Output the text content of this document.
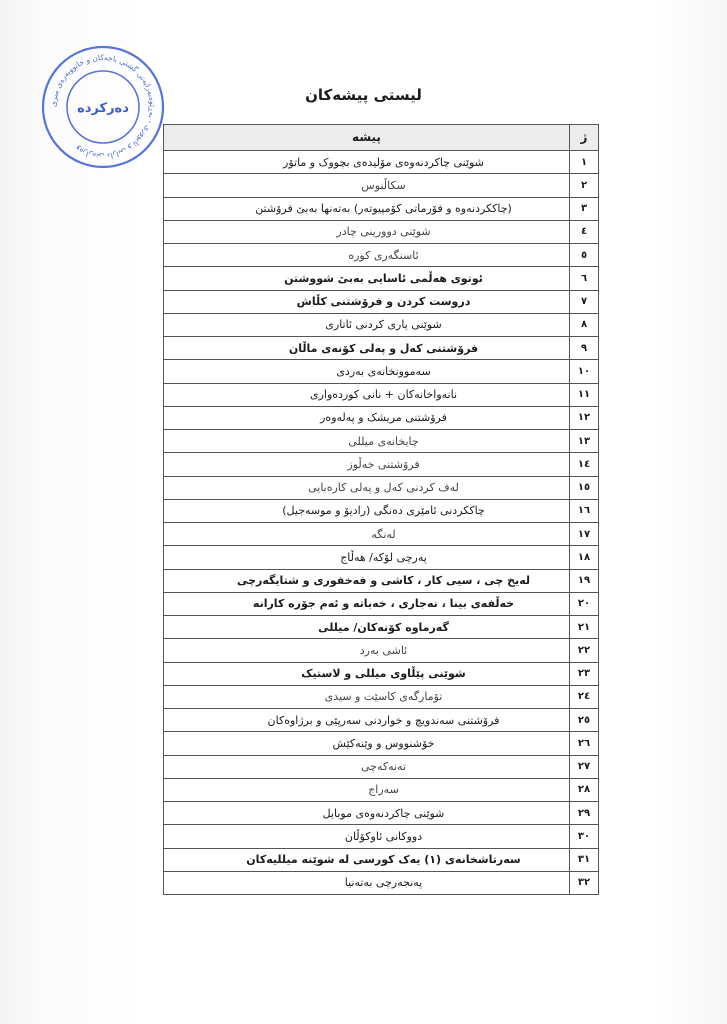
وەزارەتی دارایی و ئابووری - بەڕێوەبەرایەتی گشتی باجەکان و خانووبەرەی میری
دەرکردە
لیستی پیشەکان
ژ	پیشە
١	شوێنی چاکردنەوەی مۆلیدەی بچووک و ماتۆر
٢	سکاڵنوس
٣	(چاککردنەوە و فۆرماتی کۆمپیوتەر) بەتەنها بەبێ فرۆشتن
٤	شوێنی دوورینی چادر
٥	ئاسنگەری کورە
٦	ئوتوی هەڵمی ئاسایی بەبێ شووشتن
٧	دروست کردن و فرۆشتنی کڵاش
٨	شوێنی یاری کردنی ئاتاری
٩	فرۆشتنی کەل و پەلی کۆنەی ماڵان
١٠	سەموونخانەی بەردی
١١	نانەواخانەکان + نانی کوردەواری
١٢	فرۆشتنی مریشک و پەلەوەر
١٣	چایخانەی میللی
١٤	فرۆشتنی خەڵوز
١٥	لەف کردنی کەل و پەلی کارەبایی
١٦	چاککردنی ئامێری دەنگی (رادیۆ و موسەجیل)
١٧	لەنگە
١٨	پەرچی لۆکە/ هەڵاج
١٩	لەیخ چی ، سیی کار ، کاشی و فەخفوری و شتایگەرچی
٢٠	خەڵفەی بینا ، نەجاری ، خەباتە و ئەم جۆرە کارانە
٢١	گەرماوە کۆنەکان/ میللی
٢٢	ئاشی بەرد
٢٣	شوێنی پێڵاوی میللی و لاستیک
٢٤	تۆمارگەی کاسێت و سیدی
٢٥	فرۆشتنی سەندویچ و خواردنی سەرپێی و برژاوەکان
٢٦	خۆشنووس و وێنەکێش
٢٧	تەنەکەچی
٢٨	سەراج
٢٩	شوێنی چاکردنەوەی موبایل
٣٠	دووکانی ئاوکۆڵان
٣١	سەرتاشخانەی (١) یەک کورسی لە شوێنە میللیەکان
٣٢	پەنجەرچی بەتەنیا
